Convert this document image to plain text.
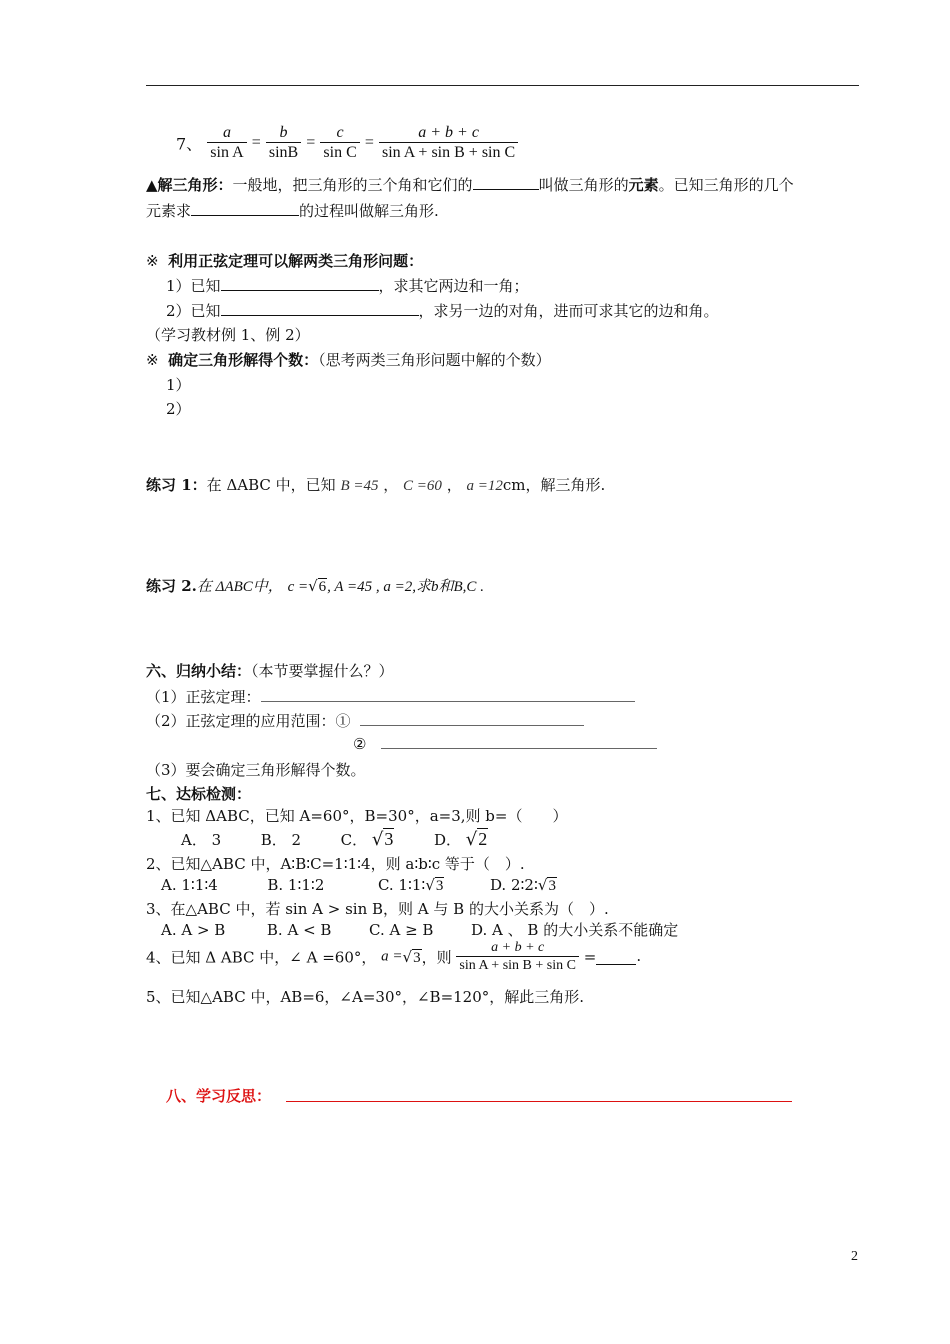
7、 $\frac{a}{\text{sin A}} = \frac{b}{\sin B} = \frac{c}{\text{sin C}} = \frac{a + b + c}{\text{sin A + sin B + sin C}}$
▲解三角形：一般地，把三角形的三个角和它们的	叫做三角形的元素。已知三角形的几个
元素求	的过程叫做解三角形.
※ 利用正弦定理可以解两类三角形问题：
1）已知	，求其它两边和一角；
2）已知	，求另一边的对角，进而可求其它的边和角。
（学习教材例 1、例 2）
※ 确定三角形解得个数：（思考两类三角形问题中解的个数）
1）
2）
练习 1：在 ΔABC 中，已知 B =45 ， C =60 ， a =12cm，解三角形.
练习 2.在 ΔABC中， c =√6, A =45 , a =2,求b和B,C .
六、归纳小结：（本节要掌握什么？）
（1）正弦定理：
（2）正弦定理的应用范围：①
②
（3）要会确定三角形解得个数。
七、达标检测：
1、已知 ΔABC，已知 A=60°，B=30°，a=3,则 b=（　　）
A． 3	B． 2	C． √3	D． √2
2、已知△ABC 中，A∶B∶C=1∶1∶4，则 a∶b∶c 等于（　）.
A. 1∶1∶4	B. 1∶1∶2	C. 1∶1∶√3	D. 2∶2∶√3
3、在△ABC 中，若 sin A > sin B，则 A 与 B 的大小关系为（　）.
A. A > B	B. A < B	C. A ≥ B	D. A 、 B 的大小关系不能确定
4、已知 Δ ABC 中，∠ A =60°， a =√3，则 $\frac{a + b + c}{\text{sin A + sin B + sin C}}$ =	.
5、已知△ABC 中，AB=6，∠A=30°，∠B=120°，解此三角形.
八、学习反思：
2
